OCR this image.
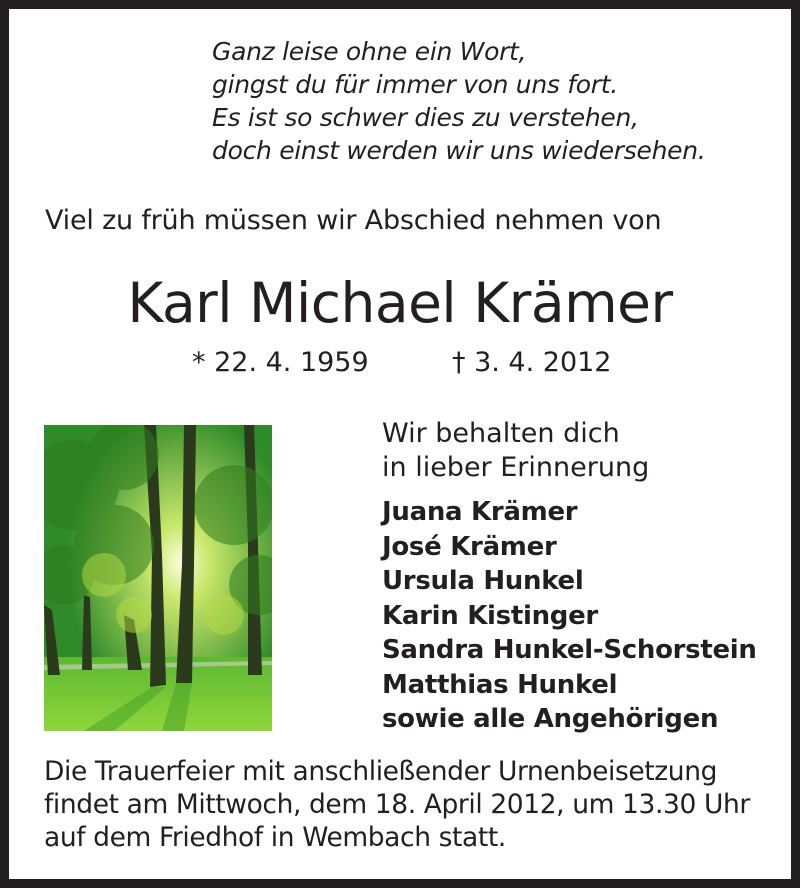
Ganz leise ohne ein Wort,
gingst du für immer von uns fort.
Es ist so schwer dies zu verstehen,
doch einst werden wir uns wiedersehen.
Viel zu früh müssen wir Abschied nehmen von
Karl Michael Krämer
* 22. 4. 1959	† 3. 4. 2012
Wir behalten dich
in lieber Erinnerung
Juana Krämer
José Krämer
Ursula Hunkel
Karin Kistinger
Sandra Hunkel-Schorstein
Matthias Hunkel
sowie alle Angehörigen
Die Trauerfeier mit anschließender Urnenbeisetzung
findet am Mittwoch, dem 18. April 2012, um 13.30 Uhr
auf dem Friedhof in Wembach statt.
